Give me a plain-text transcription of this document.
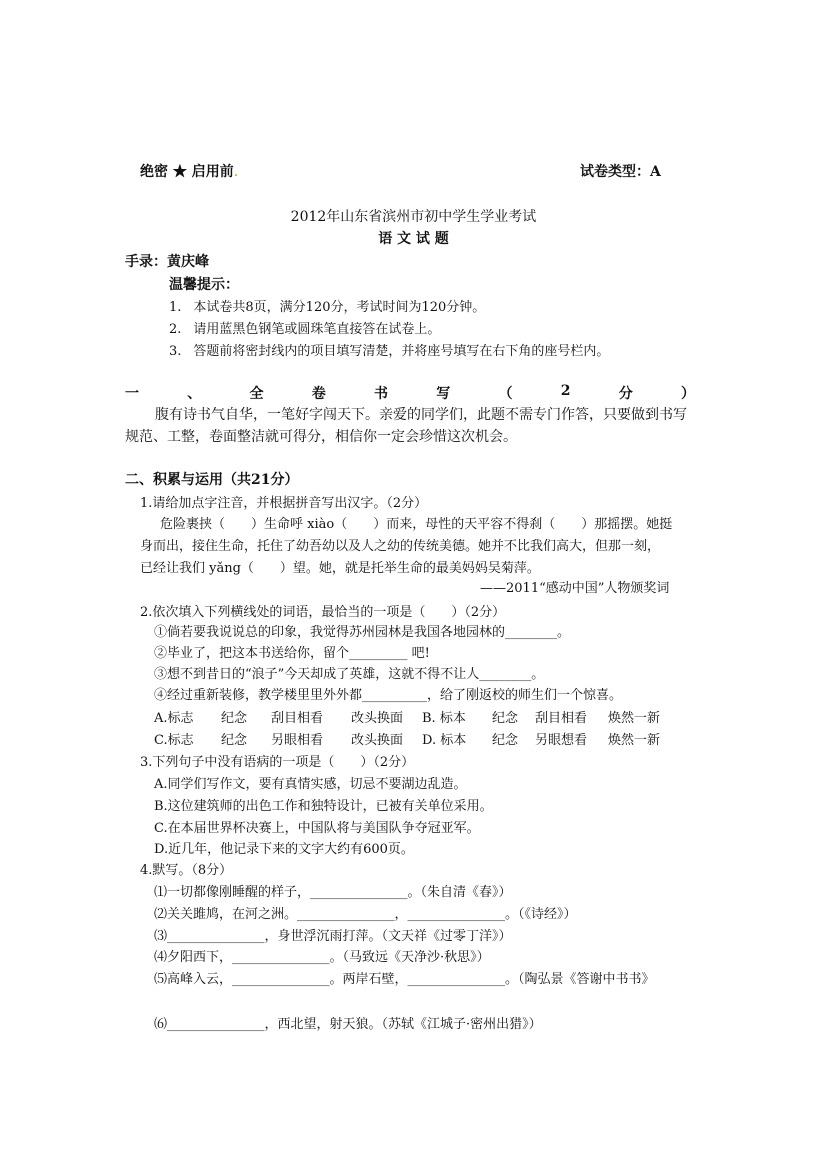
绝密 ★ 启用前.	试卷类型：A
2012年山东省滨州市初中学生学业考试
语 文 试 题
手录：黄庆峰
温馨提示：
1. 本试卷共8页，满分120分，考试时间为120分钟。
2. 请用蓝黑色钢笔或圆珠笔直接答在试卷上。
3. 答题前将密封线内的项目填写清楚，并将座号填写在右下角的座号栏内。
一	、	全	卷	书	写	（	2	分	）
腹有诗书气自华，一笔好字闯天下。亲爱的同学们，此题不需专门作答，只要做到书写
规范、工整，卷面整洁就可得分，相信你一定会珍惜这次机会。
二、积累与运用（共21分）
1.请给加点字注音，并根据拼音写出汉字。（2分）
危险裹挟（　　）生命呼 xiào（　　）而来，母性的天平容不得刹（　　）那摇摆。她挺
身而出，接住生命，托住了幼吾幼以及人之幼的传统美德。她并不比我们高大，但那一刻，
已经让我们 yǎng（　　）望。她，就是托举生命的最美妈妈吴菊萍。
——2011“感动中国”人物颁奖词
2.依次填入下列横线处的词语，最恰当的一项是（　　）（2分）
①倘若要我说说总的印象，我觉得苏州园林是我国各地园林的________。
②毕业了，把这本书送给你，留个_________ 吧!
③想不到昔日的“浪子”今天却成了英雄，这就不得不让人________。
④经过重新装修，教学楼里里外外都__________，给了刚返校的师生们一个惊喜。
A.标志 纪念 刮目相看 改头换面	B. 标本 纪念 刮目相看 焕然一新
C.标志 纪念 另眼相看 改头换面	D. 标本 纪念 另眼想看 焕然一新
3.下列句子中没有语病的一项是（　　）（2分）
A.同学们写作文，要有真情实感，切忌不要湖边乱造。
B.这位建筑师的出色工作和独特设计，已被有关单位采用。
C.在本届世界杯决赛上，中国队将与美国队争夺冠亚军。
D.近几年，他记录下来的文字大约有600页。
4.默写。（8分）
⑴一切都像刚睡醒的样子，_______________。（朱自清《春》）
⑵关关雎鸠，在河之洲。_______________，_______________。（《诗经》）
⑶_______________，身世浮沉雨打萍。（文天祥《过零丁洋》）
⑷夕阳西下，_______________。（马致远《天净沙·秋思》）
⑸高峰入云，_______________。两岸石壁，_______________。（陶弘景《答谢中书书》
⑹_______________，西北望，射天狼。（苏轼《江城子·密州出猎》）
